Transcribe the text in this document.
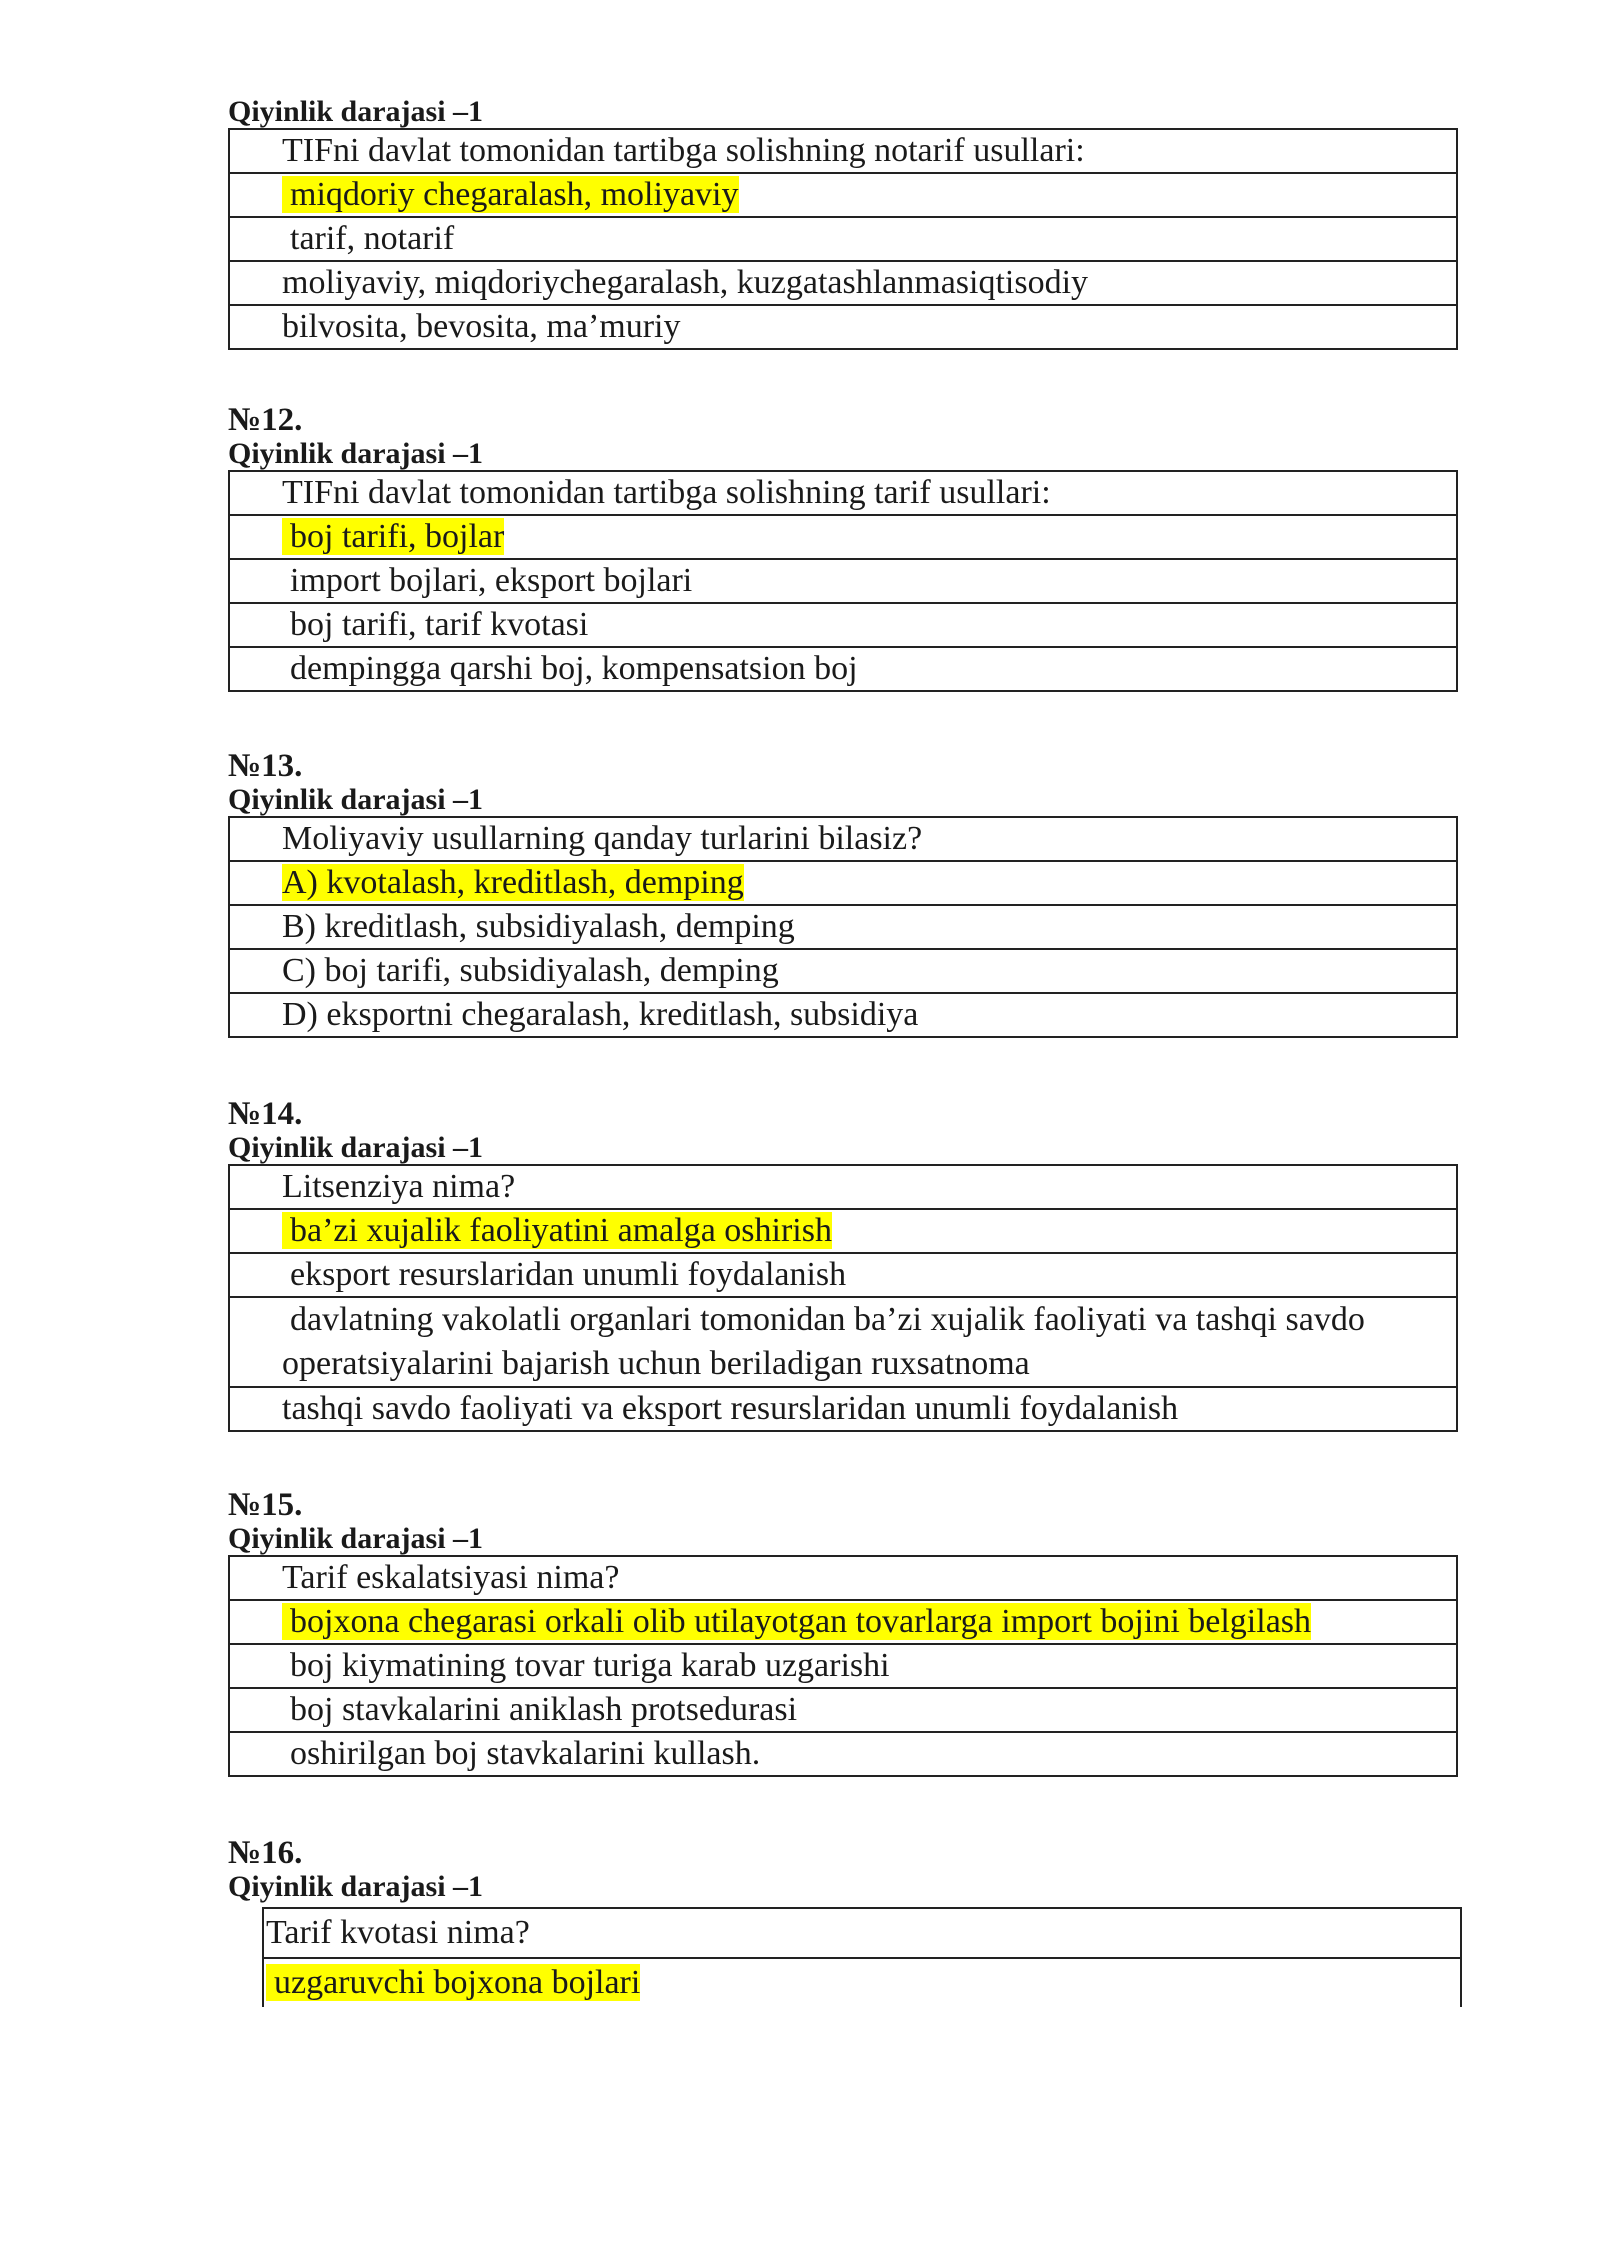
Qiyinlik darajasi –1
TIFni davlat tomonidan tartibga solishning notarif usullari:
miqdoriy chegaralash, moliyaviy
tarif, notarif
moliyaviy, miqdoriychegaralash, kuzgatashlanmasiqtisodiy
bilvosita, bevosita, ma’muriy
№12.
Qiyinlik darajasi –1
TIFni davlat tomonidan tartibga solishning tarif usullari:
boj tarifi, bojlar
import bojlari, eksport bojlari
boj tarifi, tarif kvotasi
dempingga qarshi boj, kompensatsion boj
№13.
Qiyinlik darajasi –1
Moliyaviy usullarning qanday turlarini bilasiz?
A) kvotalash, kreditlash, demping
B) kreditlash, subsidiyalash, demping
C) boj tarifi, subsidiyalash, demping
D) eksportni chegaralash, kreditlash, subsidiya
№14.
Qiyinlik darajasi –1
Litsenziya nima?
ba’zi xujalik faoliyatini amalga oshirish
eksport resurslaridan unumli foydalanish
davlatning vakolatli organlari tomonidan ba’zi xujalik faoliyati va tashqi savdo operatsiyalarini bajarish uchun beriladigan ruxsatnoma
tashqi savdo faoliyati va eksport resurslaridan unumli foydalanish
№15.
Qiyinlik darajasi –1
Tarif eskalatsiyasi nima?
bojxona chegarasi orkali olib utilayotgan tovarlarga import bojini belgilash
boj kiymatining tovar turiga karab uzgarishi
boj stavkalarini aniklash protsedurasi
oshirilgan boj stavkalarini kullash.
№16.
Qiyinlik darajasi –1
Tarif kvotasi nima?
uzgaruvchi bojxona bojlari
